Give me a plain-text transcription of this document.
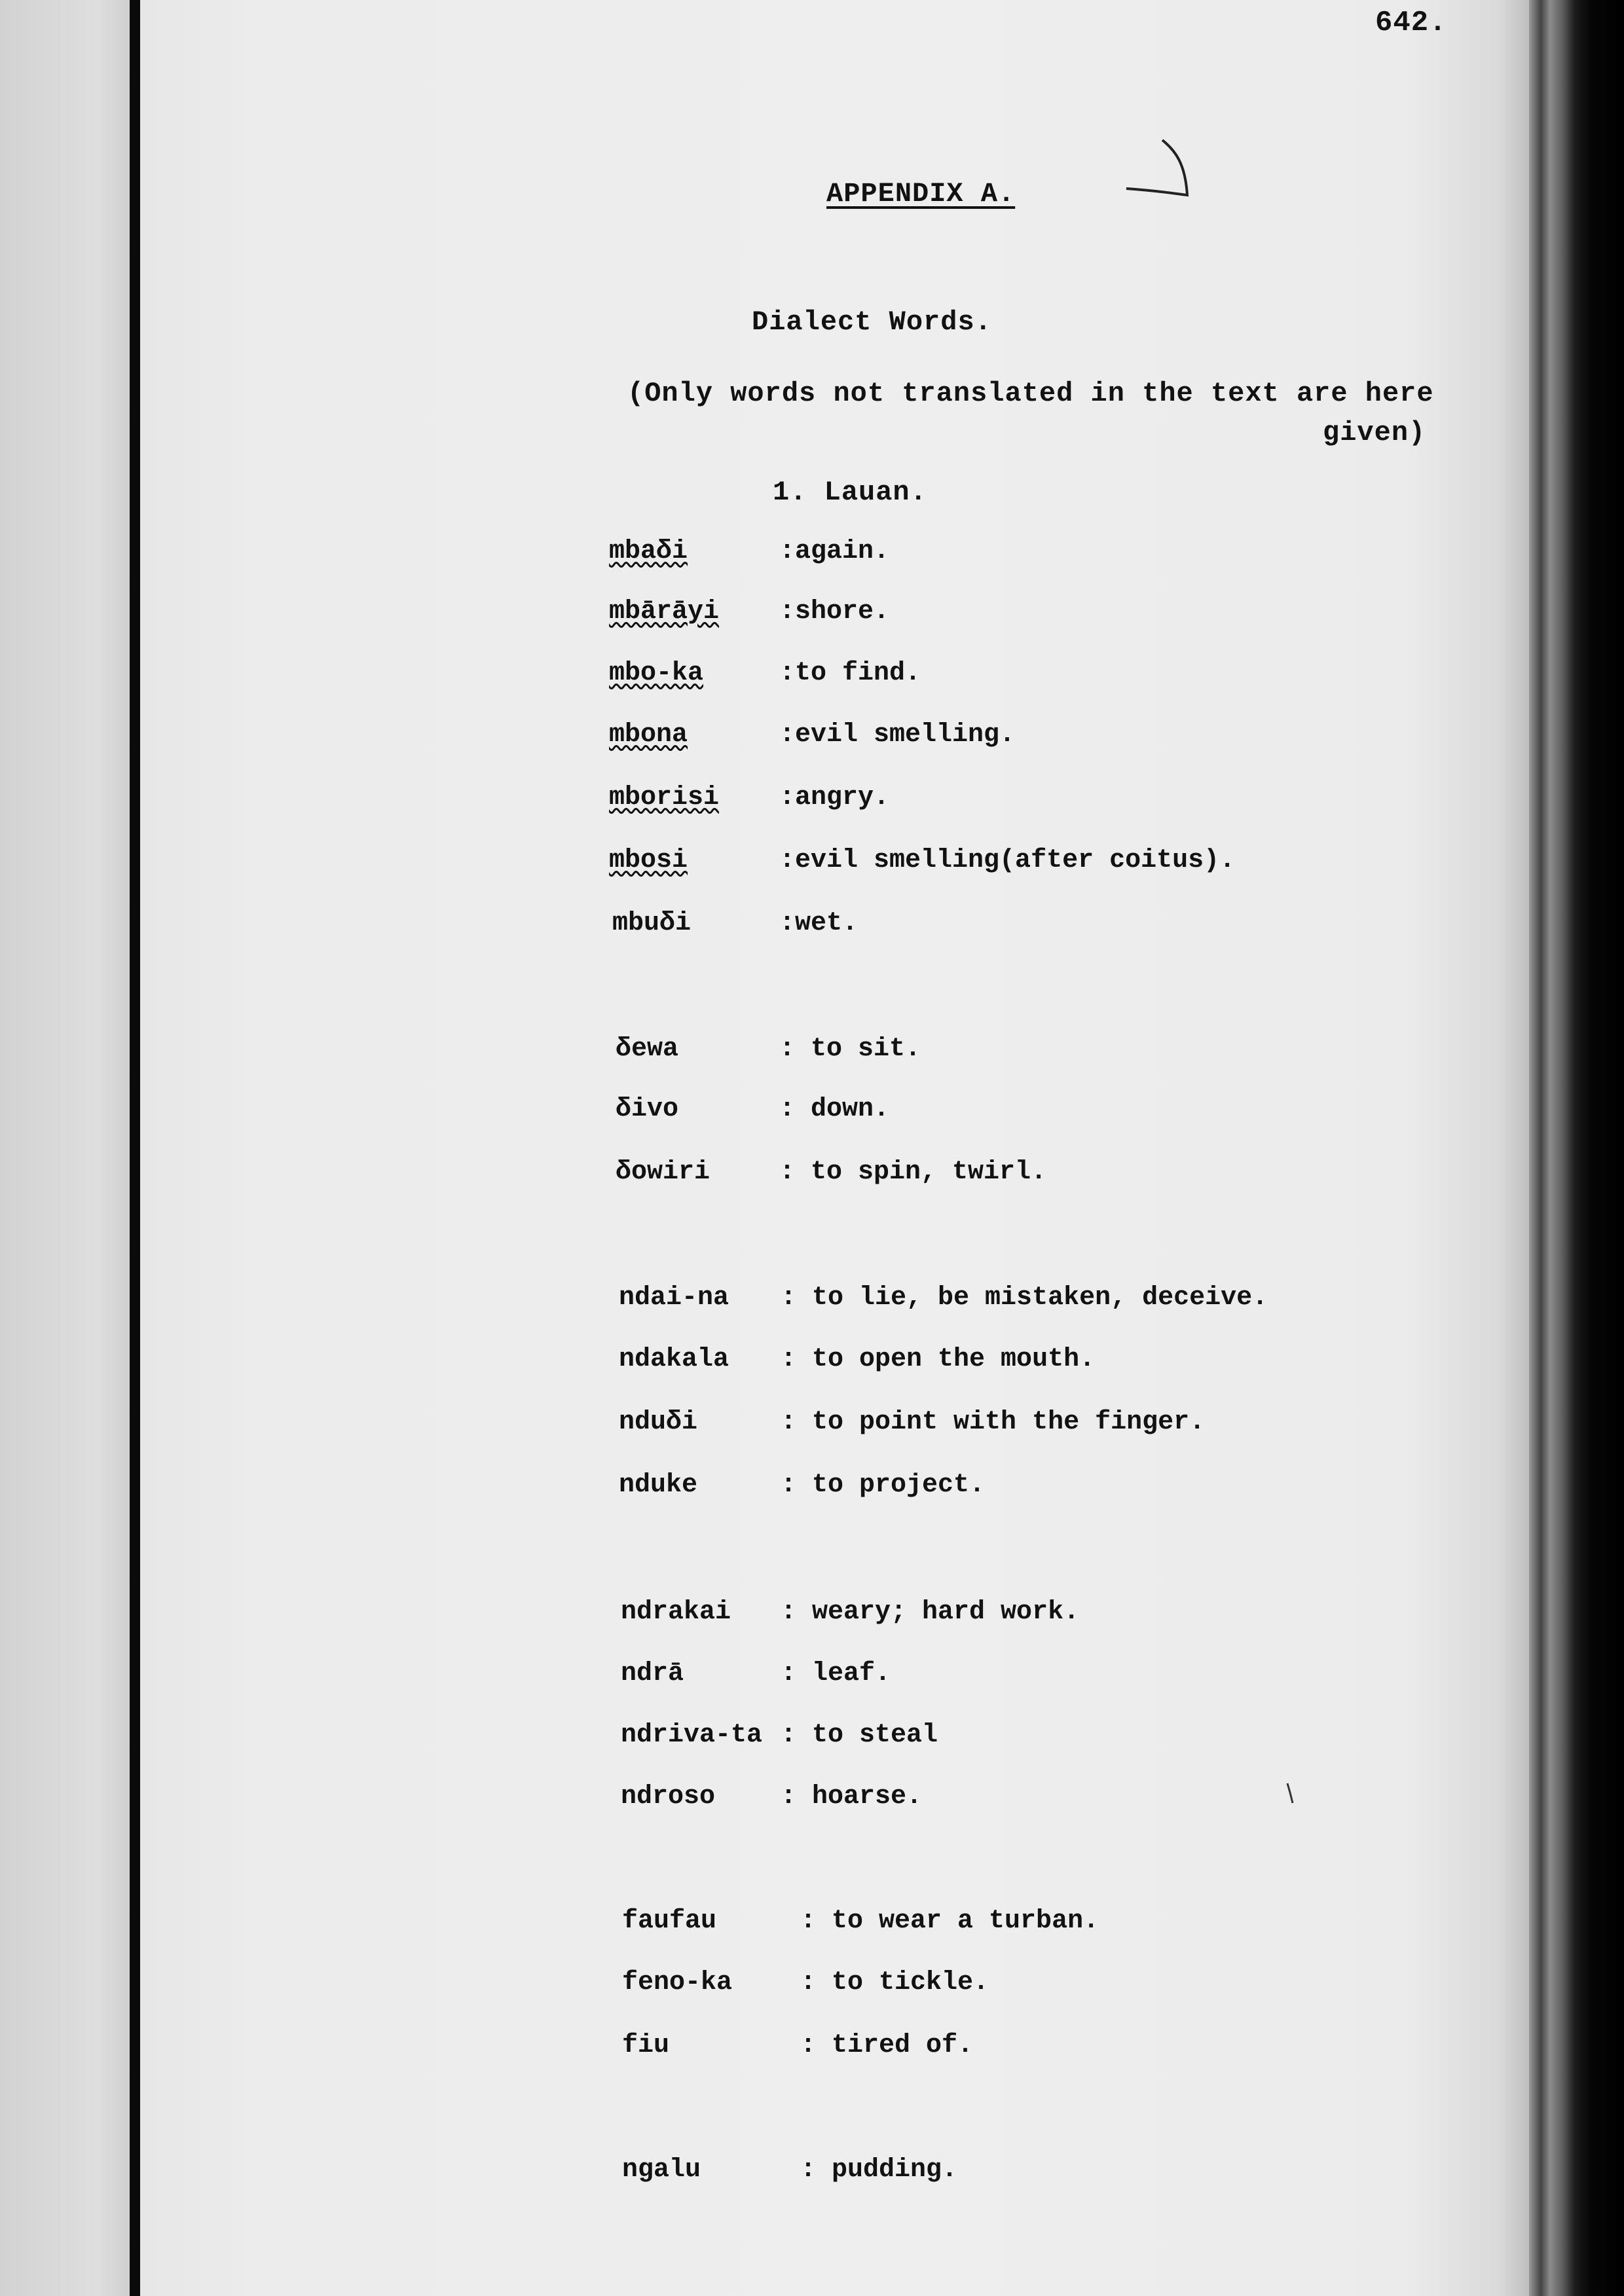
642.
APPENDIX A.
Dialect Words.
(Only words not translated in the text are here
given)
1. Lauan.
mbaδi	:again.
mbārāyi :shore.
mbo-ka	:to find.
mbona	:evil smelling.
mborisi :angry.
mbosi	:evil smelling(after coitus).
mbuδi	:wet.
δewa	: to sit.
δivo	: down.
δowiri	: to spin, twirl.
ndai-na : to lie, be mistaken, deceive.
ndakala : to open the mouth.
nduδi	: to point with the finger.
nduke	: to project.
ndrakai : weary; hard work.
ndrā	: leaf.
ndriva-ta : to steal
ndroso : hoarse.
faufau	: to wear a turban.
feno-ka	: to tickle.
fiu	: tired of.
ngalu	: pudding.
